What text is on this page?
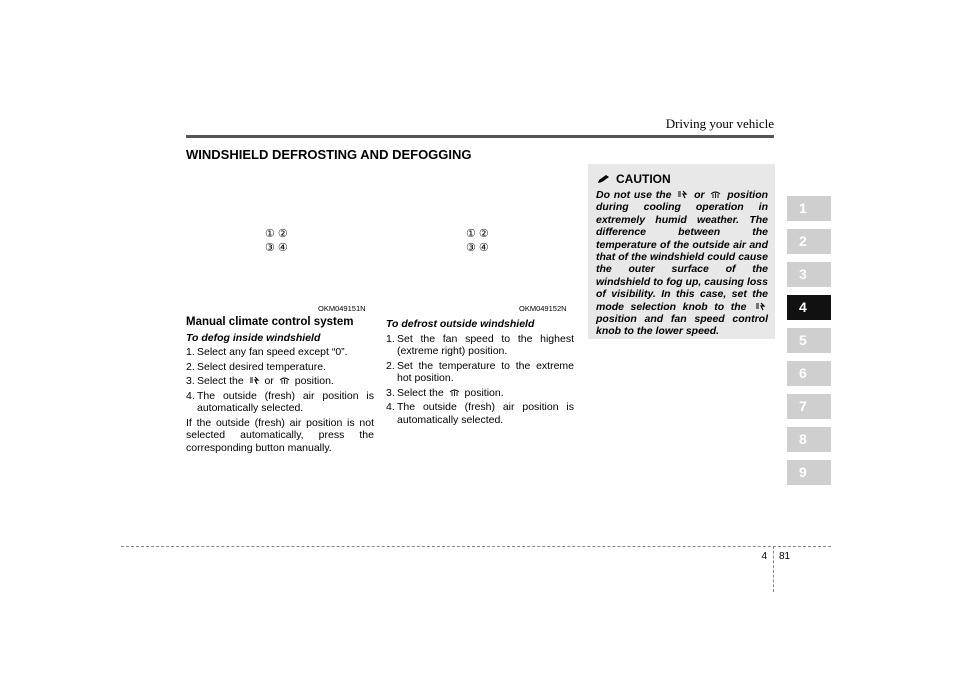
Driving your vehicle
WINDSHIELD DEFROSTING AND DEFOGGING
① ②
③ ④
OKM049151N
① ②
③ ④
OKM049152N
Manual climate control system
To defog inside windshield
1. Select any fan speed except “0”.
2. Select desired temperature.
3. Select the or position.
4. The outside (fresh) air position is automatically selected.

If the outside (fresh) air position is not selected automatically, press the corresponding button manually.

To defrost outside windshield
1. Set the fan speed to the highest (extreme right) position.
2. Set the temperature to the extreme hot position.
3. Select the position.
4. The outside (fresh) air position is automatically selected.
CAUTION
Do not use the or position during cooling operation in extremely humid weather. The difference between the temperature of the outside air and that of the windshield could cause the outer surface of the windshield to fog up, causing loss of visibility. In this case, set the mode selection knob to the  position and fan speed control knob to the lower speed.
1
2
3
4
5
6
7
8
9
4 81
